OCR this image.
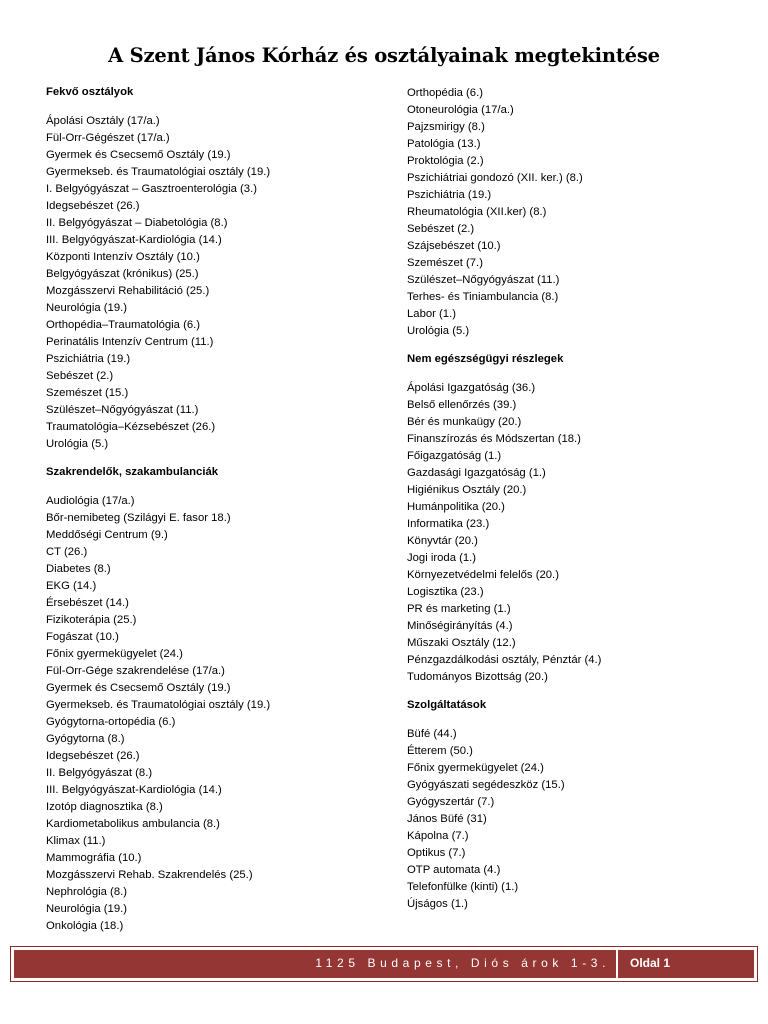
A Szent János Kórház és osztályainak megtekintése
Fekvő osztályok
Ápolási Osztály (17/a.)
Fül-Orr-Gégészet (17/a.)
Gyermek és Csecsemő Osztály (19.)
Gyermekseb. és Traumatológiai osztály (19.)
I. Belgyógyászat – Gasztroenterológia (3.)
Idegsebészet (26.)
II. Belgyógyászat – Diabetológia (8.)
III. Belgyógyászat-Kardiológia (14.)
Központi Intenzív Osztály (10.)
Belgyógyászat (krónikus) (25.)
Mozgásszervi Rehabilitáció (25.)
Neurológia (19.)
Orthopédia–Traumatológia (6.)
Perinatális Intenzív Centrum (11.)
Pszichiátria (19.)
Sebészet (2.)
Szemészet (15.)
Szülészet–Nőgyógyászat (11.)
Traumatológia–Kézsebészet (26.)
Urológia (5.)
Szakrendelők, szakambulanciák
Audiológia (17/a.)
Bőr-nemibeteg (Szilágyi E. fasor 18.)
Meddőségi Centrum (9.)
CT (26.)
Diabetes (8.)
EKG (14.)
Érsebészet (14.)
Fizikoterápia (25.)
Fogászat (10.)
Főnix gyermekügyelet (24.)
Fül-Orr-Gége szakrendelése (17/a.)
Gyermek és Csecsemő Osztály (19.)
Gyermekseb. és Traumatológiai osztály (19.)
Gyógytorna-ortopédia (6.)
Gyógytorna (8.)
Idegsebészet (26.)
II. Belgyógyászat (8.)
III. Belgyógyászat-Kardiológia (14.)
Izotóp diagnosztika (8.)
Kardiometabolikus ambulancia (8.)
Klimax (11.)
Mammográfia (10.)
Mozgásszervi Rehab. Szakrendelés (25.)
Nephrológia (8.)
Neurológia (19.)
Onkológia (18.)
Orthopédia (6.)
Otoneurológia (17/a.)
Pajzsmirigy (8.)
Patológia (13.)
Proktológia (2.)
Pszichiátriai gondozó (XII. ker.) (8.)
Pszichiátria (19.)
Rheumatológia (XII.ker) (8.)
Sebészet (2.)
Szájsebészet (10.)
Szemészet (7.)
Szülészet–Nőgyógyászat (11.)
Terhes- és Tiniambulancia (8.)
Labor (1.)
Urológia (5.)
Nem egészségügyi részlegek
Ápolási Igazgatóság (36.)
Belső ellenőrzés (39.)
Bér és munkaügy (20.)
Finanszírozás és Módszertan (18.)
Főigazgatóság (1.)
Gazdasági Igazgatóság (1.)
Higiénikus Osztály (20.)
Humánpolitika (20.)
Informatika (23.)
Könyvtár (20.)
Jogi iroda (1.)
Környezetvédelmi felelős (20.)
Logisztika (23.)
PR és marketing (1.)
Minőségirányítás (4.)
Műszaki Osztály (12.)
Pénzgazdálkodási osztály, Pénztár (4.)
Tudományos Bizottság (20.)
Szolgáltatások
Büfé (44.)
Étterem (50.)
Főnix gyermekügyelet (24.)
Gyógyászati segédeszköz (15.)
Gyógyszertár (7.)
János Büfé (31)
Kápolna (7.)
Optikus (7.)
OTP automata (4.)
Telefonfülke (kinti) (1.)
Újságos (1.)
1125 Budapest, Diós árok 1-3.	Oldal 1
